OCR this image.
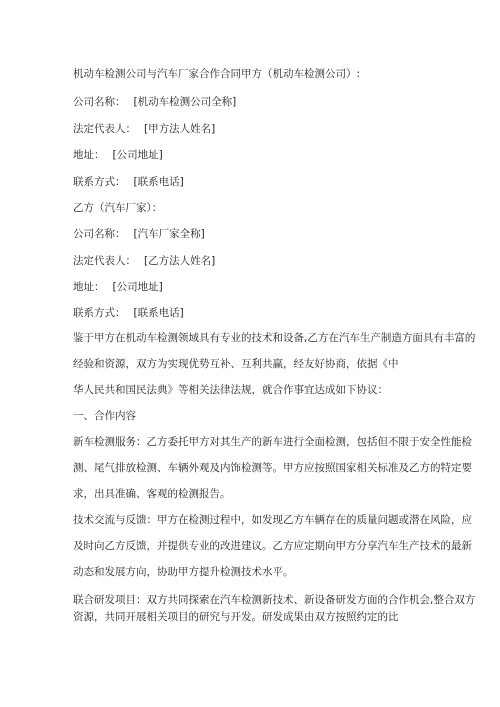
机动车检测公司与汽车厂家合作合同甲方（机动车检测公司）:
公司名称： [机动车检测公司全称]
法定代表人： [甲方法人姓名]
地址： [公司地址]
联系方式： [联系电话]
乙方（汽车厂家）：
公司名称： [汽车厂家全称]
法定代表人： [乙方法人姓名]
地址： [公司地址]
联系方式： [联系电话]
鉴于甲方在机动车检测领域具有专业的技术和设备,乙方在汽车生产制造方面具有丰富的
经验和资源，双方为实现优势互补、互利共赢，经友好协商，依据《中
华人民共和国民法典》等相关法律法规，就合作事宜达成如下协议：
一、合作内容
新车检测服务：乙方委托甲方对其生产的新车进行全面检测，包括但不限于安全性能检
测、尾气排放检测、车辆外观及内饰检测等。甲方应按照国家相关标准及乙方的特定要
求，出具准确、客观的检测报告。
技术交流与反馈：甲方在检测过程中，如发现乙方车辆存在的质量问题或潜在风险，应
及时向乙方反馈，并提供专业的改进建议。乙方应定期向甲方分享汽车生产技术的最新
动态和发展方向，协助甲方提升检测技术水平。
联合研发项目：双方共同探索在汽车检测新技术、新设备研发方面的合作机会,整合双方
资源，共同开展相关项目的研究与开发。研发成果由双方按照约定的比
